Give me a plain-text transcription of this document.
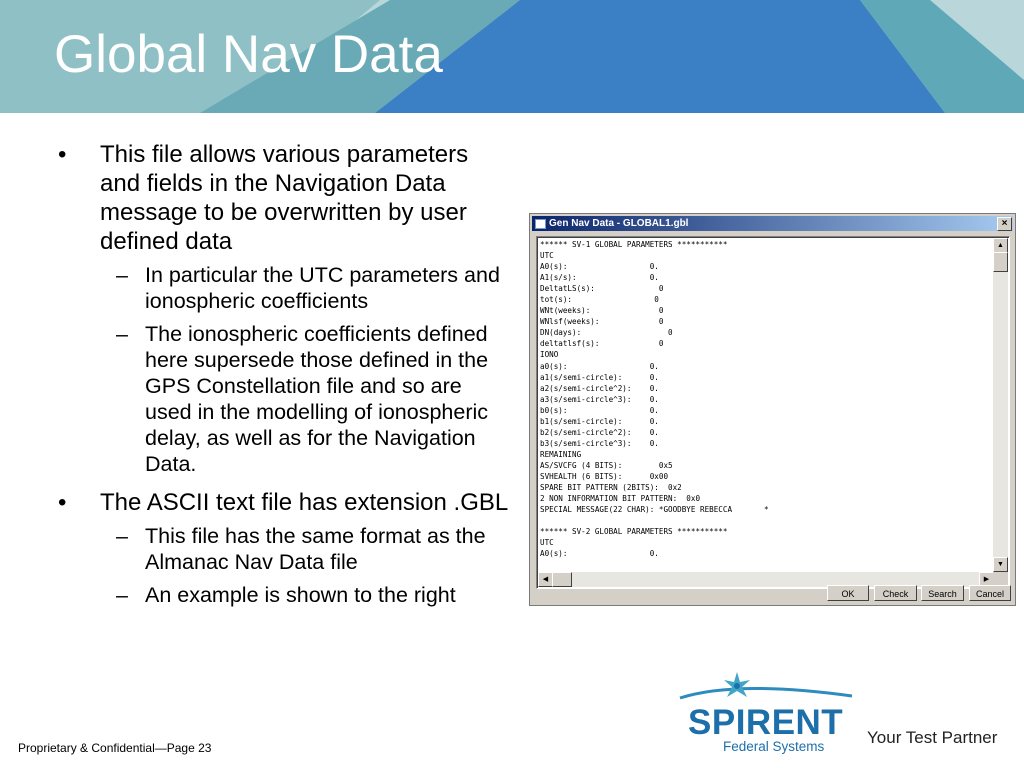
Global Nav Data
• This file allows various parameters and fields in the Navigation Data message to be overwritten by user defined data
– In particular the UTC parameters and ionospheric coefficients
– The ionospheric coefficients defined here supersede those defined in the GPS Constellation file and so are used in the modelling of ionospheric delay, as well as for the Navigation Data.
• The ASCII text file has extension .GBL
– This file has the same format as the Almanac Nav Data file
– An example is shown to the right
Gen Nav Data - GLOBAL1.gbl	×
****** SV-1 GLOBAL PARAMETERS ***********
UTC
A0(s):                  0.
A1(s/s):                0.
DeltatLS(s):              0
tot(s):                  0
WNt(weeks):               0
WNlsf(weeks):             0
DN(days):                   0
deltatlsf(s):             0
IONO
a0(s):                  0.
a1(s/semi-circle):      0.
a2(s/semi-circle^2):    0.
a3(s/semi-circle^3):    0.
b0(s):                  0.
b1(s/semi-circle):      0.
b2(s/semi-circle^2):    0.
b3(s/semi-circle^3):    0.
REMAINING
AS/SVCFG (4 BITS):        0x5
SVHEALTH (6 BITS):      0x00
SPARE BIT PATTERN (2BITS):  0x2
2 NON INFORMATION BIT PATTERN:  0x0
SPECIAL MESSAGE(22 CHAR): *GOODBYE REBECCA       *

****** SV-2 GLOBAL PARAMETERS ***********
UTC
A0(s):                  0.
▲
▼
◀	▶
OK	Check	Search	Cancel
Proprietary & Confidential—Page 23
SPIRENT
Federal Systems	Your Test Partner
